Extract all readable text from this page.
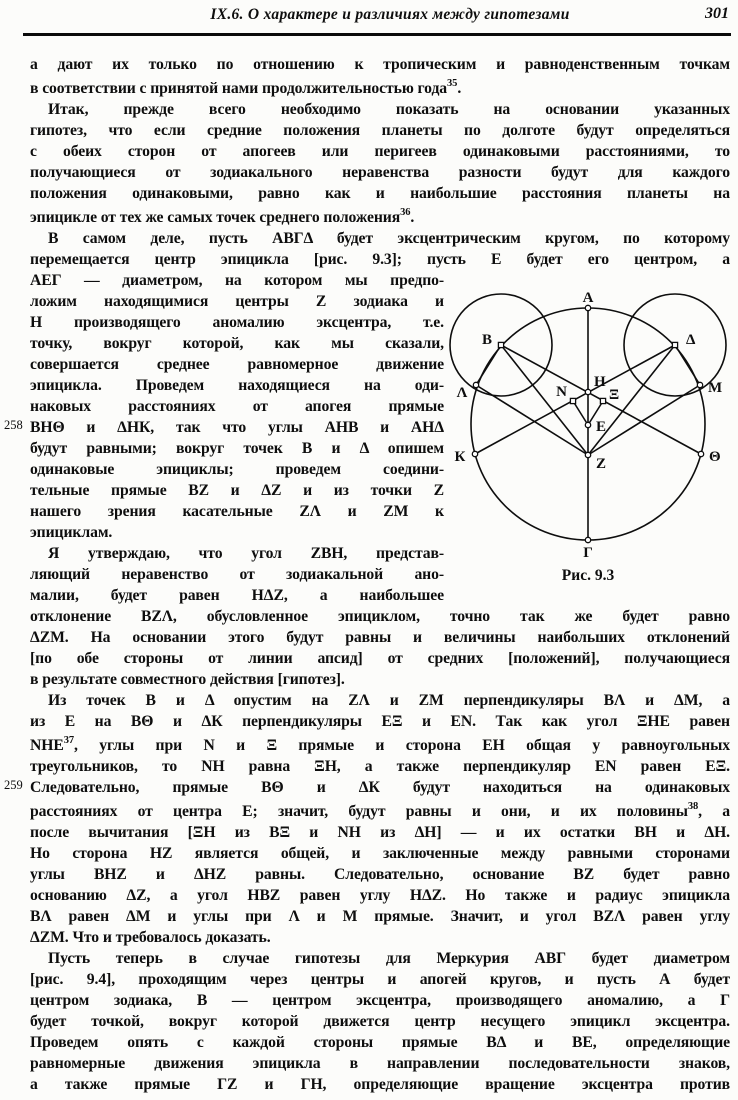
IX.6. О характере и различиях между гипотезами	301
258
259
а дают их только по отношению к тропическим и равноденственным точкам
в соответствии с принятой нами продолжительностью года$^{35}$.
Итак, прежде всего необходимо показать на основании указанных
гипотез, что если средние положения планеты по долготе будут определяться
с обеих сторон от апогеев или перигеев одинаковыми расстояниями, то
получающиеся от зодиакального неравенства разности будут для каждого
положения одинаковыми, равно как и наибольшие расстояния планеты на
эпицикле от тех же самых точек среднего положения$^{36}$.
В самом деле, пусть АВГΔ будет эксцентрическим кругом, по которому
перемещается центр эпицикла [рис. 9.3]; пусть Е будет его центром, а
АЕГ — диаметром, на котором мы предпо-
ложим находящимися центры Z зодиака и
Н производящего аномалию эксцентра, т.е.
точку, вокруг которой, как мы сказали,
совершается среднее равномерное движение
эпицикла. Проведем находящиеся на оди-
наковых расстояниях от апогея прямые
ВНΘ и ΔНК, так что углы АНВ и АНΔ
будут равными; вокруг точек В и Δ опишем
одинаковые эпициклы; проведем соедини-
тельные прямые ВZ и ΔZ и из точки Z
нашего зрения касательные ZΛ и ZМ к
эпициклам.
Я утверждаю, что угол ZВН, представ-
ляющий неравенство от зодиакальной ано-
малии, будет равен НΔZ, а наибольшее
отклонение ВZΛ, обусловленное эпициклом, точно так же будет равно
ΔZМ. На основании этого будут равны и величины наибольших отклонений
[по обе стороны от линии апсид] от средних [положений], получающиеся
в результате совместного действия [гипотез].
Из точек В и Δ опустим на ZΛ и ZМ перпендикуляры ВΛ и ΔМ, а
из Е на ВΘ и ΔК перпендикуляры ЕΞ и ЕN. Так как угол ΞНЕ равен
NHE$^{37}$, углы при N и Ξ прямые и сторона ЕН общая у равноугольных
треугольников, то NН равна ΞН, а также перпендикуляр ЕN равен ЕΞ.
Следовательно, прямые ВΘ и ΔК будут находиться на одинаковых
расстояниях от центра Е; значит, будут равны и они, и их половины$^{38}$, а
после вычитания [ΞН из ВΞ и NН из ΔН] — и их остатки ВН и ΔН.
Но сторона НZ является общей, и заключенные между равными сторонами
углы ВНZ и ΔНZ равны. Следовательно, основание ВZ будет равно
основанию ΔZ, а угол НВZ равен углу НΔZ. Но также и радиус эпицикла
ВΛ равен ΔМ и углы при Λ и М прямые. Значит, и угол ВZΛ равен углу
ΔZМ. Что и требовалось доказать.
Пусть теперь в случае гипотезы для Меркурия АВГ будет диаметром
[рис. 9.4], проходящим через центры и апогей кругов, и пусть А будет
центром зодиака, В — центром эксцентра, производящего аномалию, а Г
будет точкой, вокруг которой движется центр несущего эпицикл эксцентра.
Проведем опять с каждой стороны прямые ВΔ и ВЕ, определяющие
равномерные движения эпицикла в направлении последовательности знаков,
а также прямые ГZ и ГН, определяющие вращение эксцентра против
А
В	Δ
Н
N	Ξ
Е
Z
Λ	М
К	Θ
Г
Рис. 9.3
